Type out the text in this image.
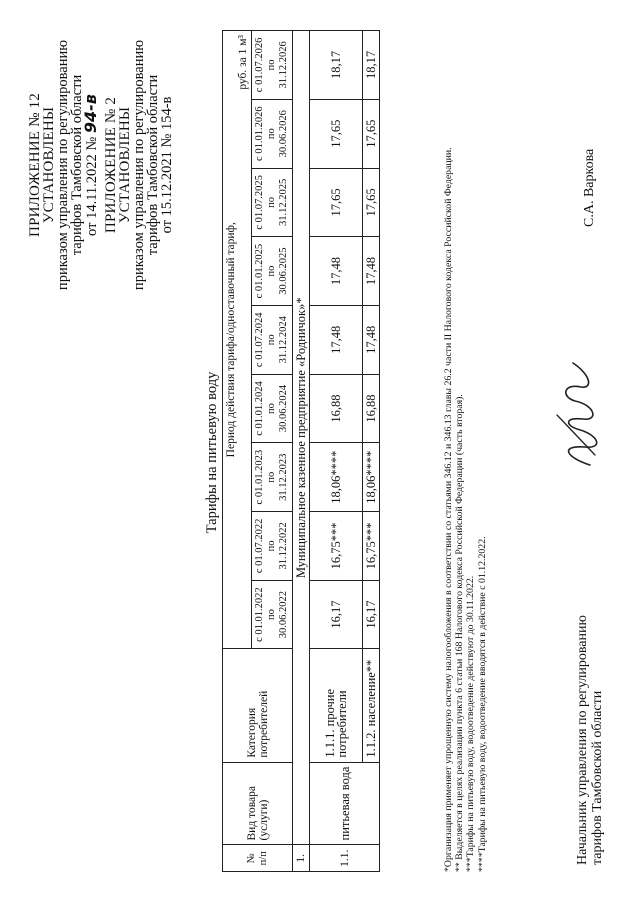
ПРИЛОЖЕНИЕ № 12
УСТАНОВЛЕНЫ
приказом управления по регулированию
тарифов Тамбовской области от 14.11.2022 № 94-в ПРИЛОЖЕНИЕ № 2
УСТАНОВЛЕНЫ
приказом управления по регулированию
тарифов Тамбовской области
от 15.12.2021 № 154-в
Тарифы на питьевую воду
№ п/п	Вид товара (услуги)	Категория потребителей	Период действия тарифа/одноставочный тариф,
руб. за 1 м³								

			с 01.01.2022 по 30.06.2022	с 01.07.2022 по 31.12.2022	с 01.01.2023 по 31.12.2023	с 01.01.2024 по 30.06.2024	с 01.07.2024 по 31.12.2024	с 01.01.2025 по 30.06.2025	с 01.07.2025 по 31.12.2025	с 01.01.2026 по 30.06.2026	с 01.07.2026 по 31.12.2026
1.	Муниципальное казенное предприятие «Родничок»*										
1.1.	питьевая вода	1.1.1. прочие потребители	16,17	16,75***	18,06****	16,88	17,48	17,48	17,65	17,65	18,17
		1.1.2. население**	16,17	16,75***	18,06****	16,88	17,48	17,48	17,65	17,65	18,17
*Организация применяет упрощенную систему налогообложения в соответствии со статьями 346.12 и 346.13 главы 26.2 части II Налогового кодекса Российской Федерации. ** Выделяется в целях реализации пункта 6 статьи 168 Налогового кодекса Российской Федерации (часть вторая). ***Тарифы на питьевую воду, водоотведение действуют до 30.11.2022. ****Тарифы на питьевую воду, водоотведение вводятся в действие с 01.12.2022.	Начальник управления по регулированию тарифов Тамбовской области
С.А. Варкова
